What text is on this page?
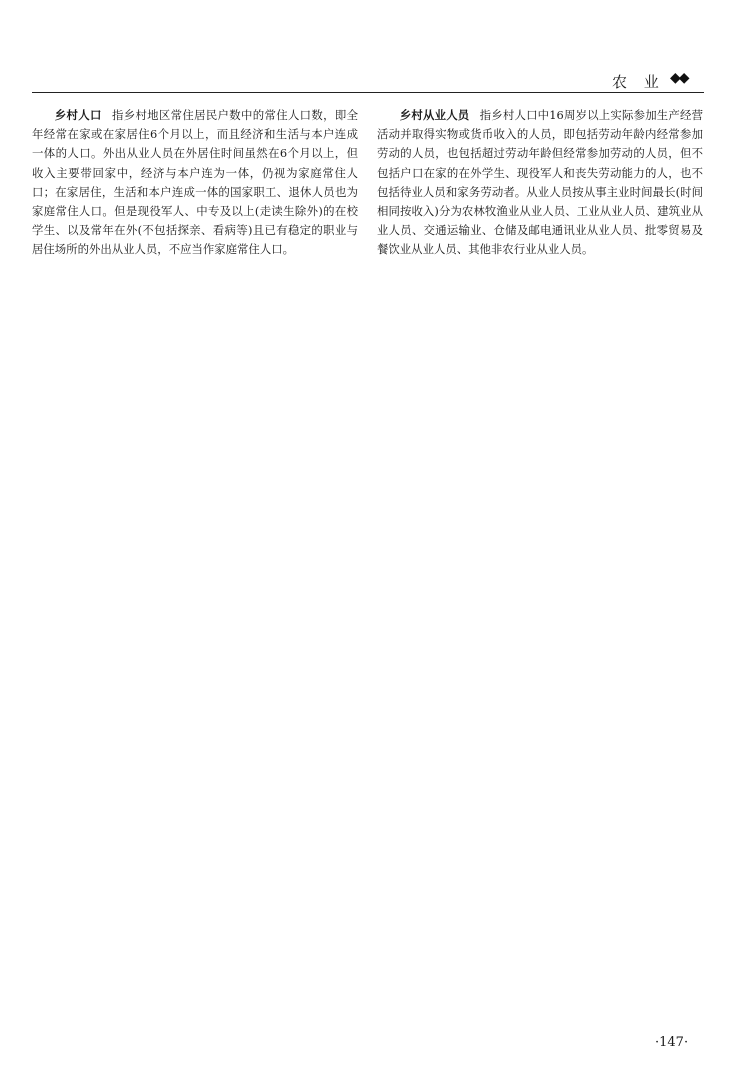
农 业 ◆◆

乡村人口 指乡村地区常住居民户数中的常住人口数，即全年经常在家或在家居住6个月以上，而且经济和生活与本户连成一体的人口。外出从业人员在外居住时间虽然在6个月以上，但收入主要带回家中，经济与本户连为一体，仍视为家庭常住人口；在家居住，生活和本户连成一体的国家职工、退休人员也为家庭常住人口。但是现役军人、中专及以上(走读生除外)的在校学生、以及常年在外(不包括探亲、看病等)且已有稳定的职业与居住场所的外出从业人员，不应当作家庭常住人口。

乡村从业人员 指乡村人口中16周岁以上实际参加生产经营活动并取得实物或货币收入的人员，即包括劳动年龄内经常参加劳动的人员，也包括超过劳动年龄但经常参加劳动的人员，但不包括户口在家的在外学生、现役军人和丧失劳动能力的人，也不包括待业人员和家务劳动者。从业人员按从事主业时间最长(时间相同按收入)分为农林牧渔业从业人员、工业从业人员、建筑业从业人员、交通运输业、仓储及邮电通讯业从业人员、批零贸易及餐饮业从业人员、其他非农行业从业人员。

·147·
